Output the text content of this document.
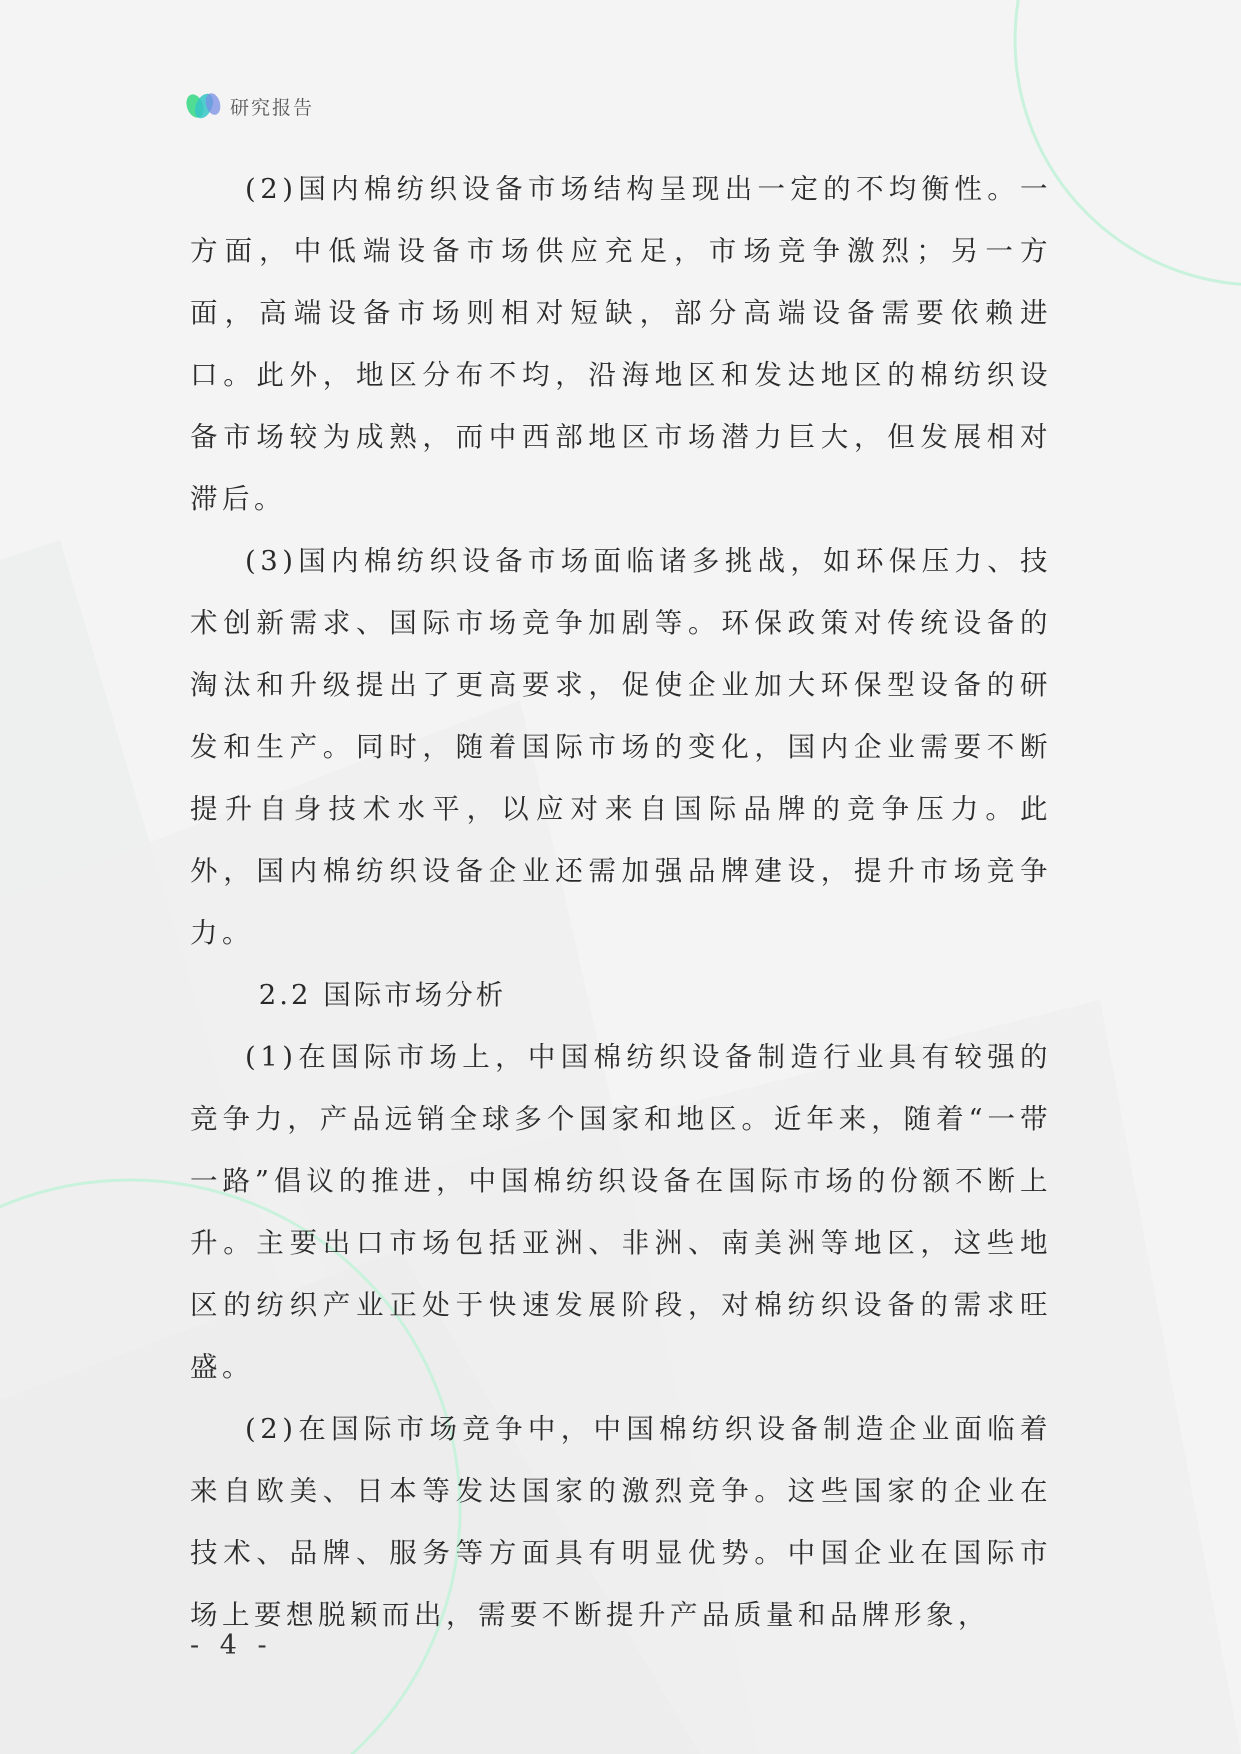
研究报告

(2)国内棉纺织设备市场结构呈现出一定的不均衡性。一方面，中低端设备市场供应充足，市场竞争激烈；另一方面，高端设备市场则相对短缺，部分高端设备需要依赖进口。此外，地区分布不均，沿海地区和发达地区的棉纺织设备市场较为成熟，而中西部地区市场潜力巨大，但发展相对滞后。

(3)国内棉纺织设备市场面临诸多挑战，如环保压力、技术创新需求、国际市场竞争加剧等。环保政策对传统设备的淘汰和升级提出了更高要求，促使企业加大环保型设备的研发和生产。同时，随着国际市场的变化，国内企业需要不断提升自身技术水平，以应对来自国际品牌的竞争压力。此外，国内棉纺织设备企业还需加强品牌建设，提升市场竞争力。

2.2 国际市场分析

(1)在国际市场上，中国棉纺织设备制造行业具有较强的竞争力，产品远销全球多个国家和地区。近年来，随着“一带一路”倡议的推进，中国棉纺织设备在国际市场的份额不断上升。主要出口市场包括亚洲、非洲、南美洲等地区，这些地区的纺织产业正处于快速发展阶段，对棉纺织设备的需求旺盛。

(2)在国际市场竞争中，中国棉纺织设备制造企业面临着来自欧美、日本等发达国家的激烈竞争。这些国家的企业在技术、品牌、服务等方面具有明显优势。中国企业在国际市场上要想脱颖而出，需要不断提升产品质量和品牌形象，

- 4 -
